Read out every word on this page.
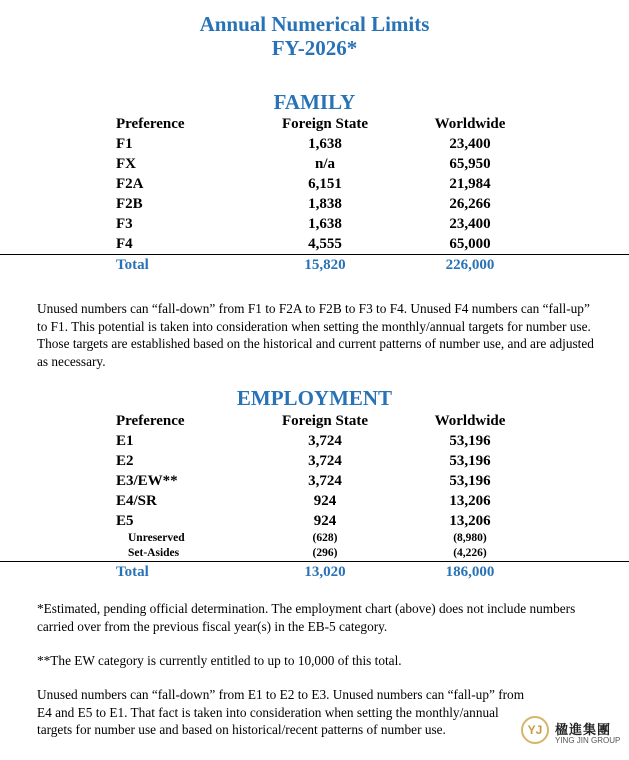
Annual Numerical Limits
FY-2026*
FAMILY
Preference	Foreign State	Worldwide
F1	1,638	23,400
FX	n/a	65,950
F2A	6,151	21,984
F2B	1,838	26,266
F3	1,638	23,400
F4	4,555	65,000
Total	15,820	226,000
Unused numbers can “fall-down” from F1 to F2A to F2B to F3 to F4. Unused F4 numbers can “fall-up” to F1. This potential is taken into consideration when setting the monthly/annual targets for number use. Those targets are established based on the historical and current patterns of number use, and are adjusted as necessary.
EMPLOYMENT
Preference	Foreign State	Worldwide
E1	3,724	53,196
E2	3,724	53,196
E3/EW**	3,724	53,196
E4/SR	924	13,206
E5	924	13,206
Unreserved	(628)	(8,980)
Set-Asides	(296)	(4,226)
Total	13,020	186,000
*Estimated, pending official determination. The employment chart (above) does not include numbers carried over from the previous fiscal year(s) in the EB-5 category.
**The EW category is currently entitled to up to 10,000 of this total.
Unused numbers can “fall-down” from E1 to E2 to E3. Unused numbers can “fall-up” from E4 and E5 to E1. That fact is taken into consideration when setting the monthly/annual targets for number use and based on historical/recent patterns of number use.	YJ 楹進集團
YING JIN GROUP
